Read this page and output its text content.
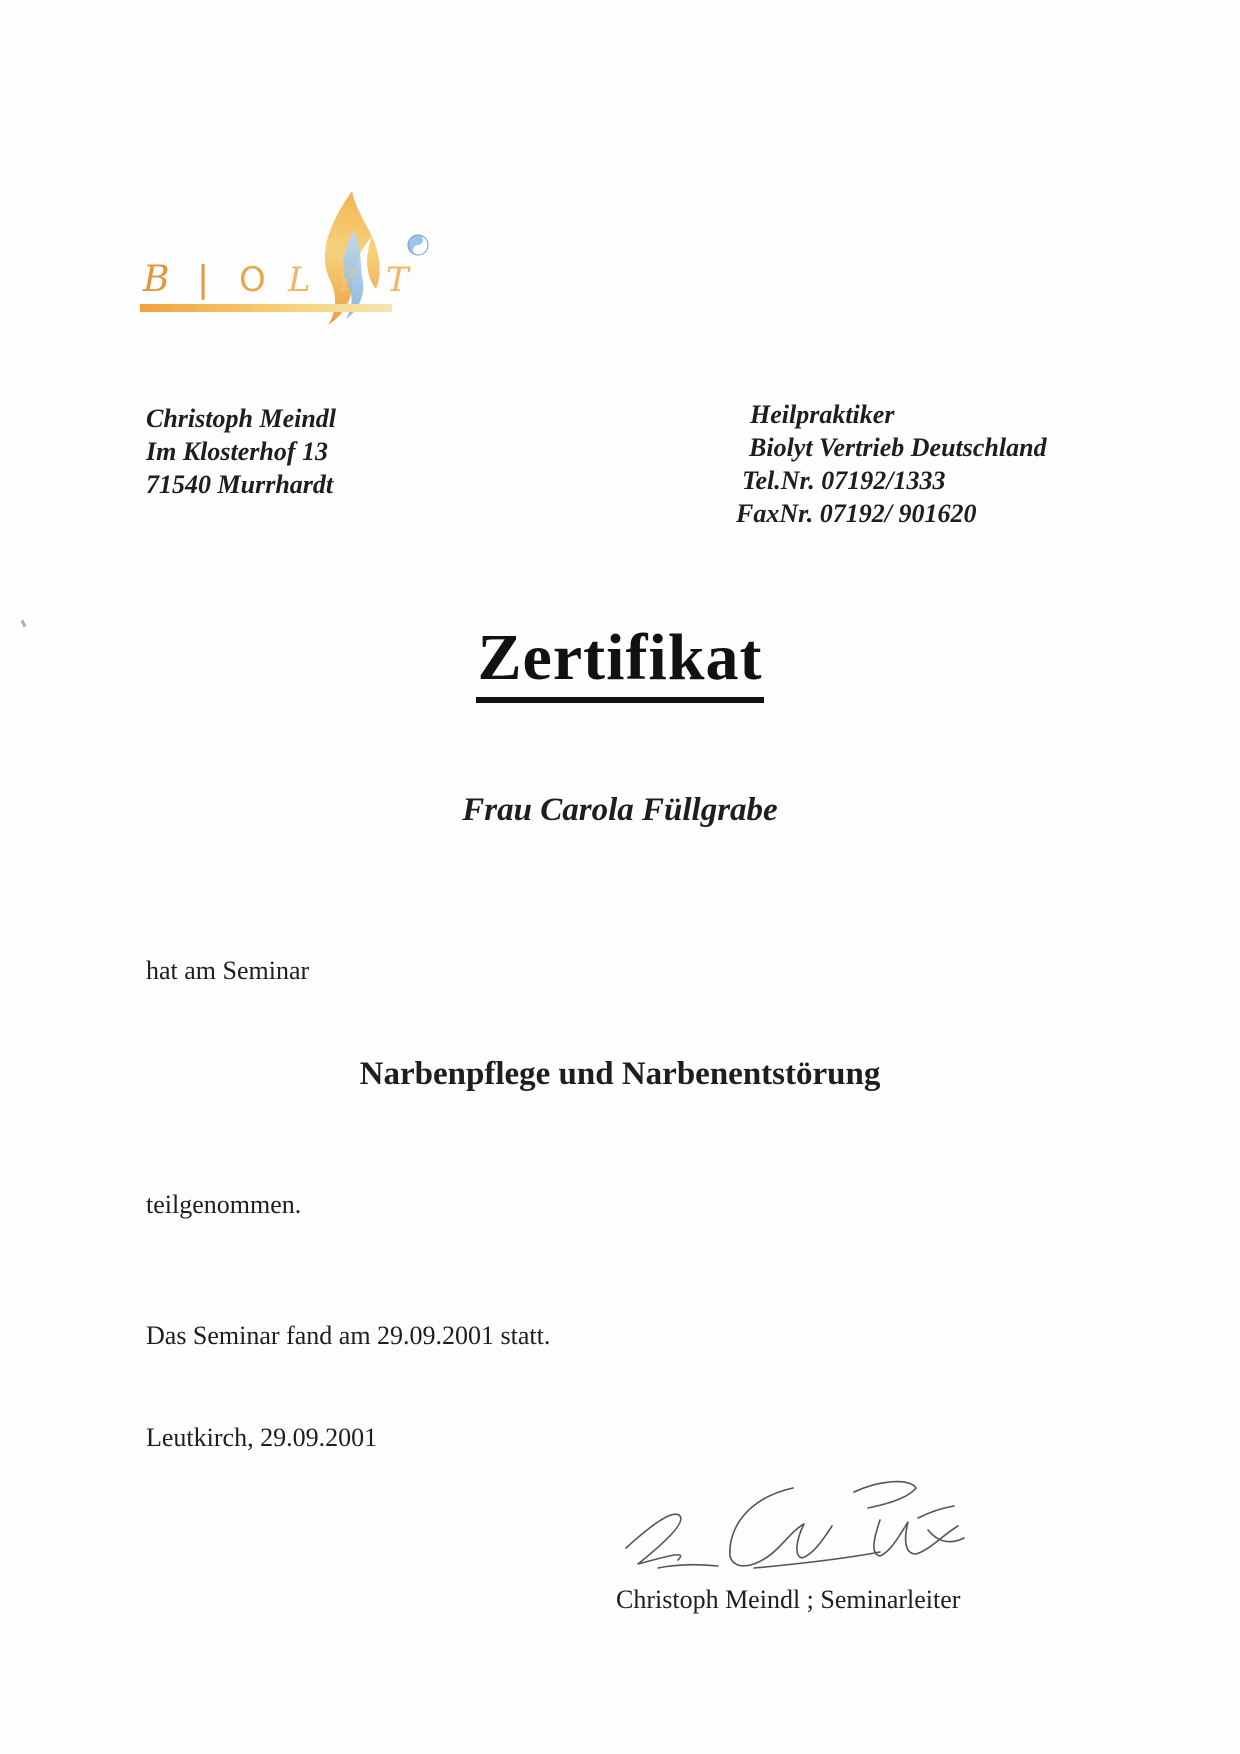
B | O L T
Y
Christoph Meindl
Im Klosterhof 13
71540 Murrhardt
Heilpraktiker
Biolyt Vertrieb Deutschland
Tel.Nr. 07192/1333
FaxNr. 07192/ 901620
Zertifikat
Frau Carola Füllgrabe
hat am Seminar
Narbenpflege und Narbenentstörung
teilgenommen.
Das Seminar fand am 29.09.2001 statt.
Leutkirch, 29.09.2001
Christoph Meindl ; Seminarleiter
